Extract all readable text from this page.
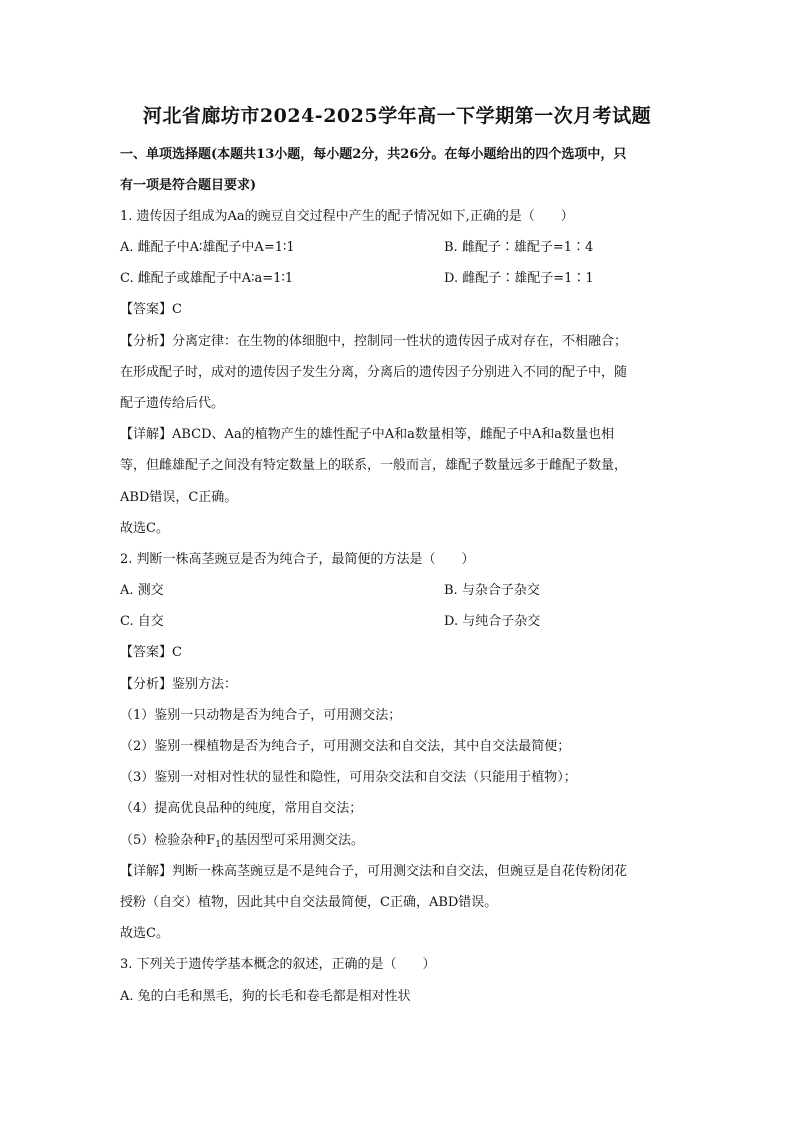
河北省廊坊市2024-2025学年高一下学期第一次月考试题
一、单项选择题(本题共13小题，每小题2分，共26分。在每小题给出的四个选项中，只
有一项是符合题目要求)
1. 遗传因子组成为Aa的豌豆自交过程中产生的配子情况如下,正确的是（　　）
A. 雌配子中A∶雄配子中A=1∶1	B. 雌配子∶雄配子=1∶4
C. 雌配子或雄配子中A∶a=1∶1	D. 雌配子∶雄配子=1∶1
【答案】C
【分析】分离定律：在生物的体细胞中，控制同一性状的遗传因子成对存在，不相融合；
在形成配子时，成对的遗传因子发生分离，分离后的遗传因子分别进入不同的配子中，随
配子遗传给后代。
【详解】ABCD、Aa的植物产生的雄性配子中A和a数量相等，雌配子中A和a数量也相
等，但雌雄配子之间没有特定数量上的联系，一般而言，雄配子数量远多于雌配子数量，
ABD错误，C正确。
故选C。
2. 判断一株高茎豌豆是否为纯合子，最简便的方法是（　　）
A. 测交	B. 与杂合子杂交
C. 自交	D. 与纯合子杂交
【答案】C
【分析】鉴别方法：
（1）鉴别一只动物是否为纯合子，可用测交法；
（2）鉴别一棵植物是否为纯合子，可用测交法和自交法，其中自交法最简便；
（3）鉴别一对相对性状的显性和隐性，可用杂交法和自交法（只能用于植物）；
（4）提高优良品种的纯度，常用自交法；
（5）检验杂种$F_1$的基因型可采用测交法。
【详解】判断一株高茎豌豆是不是纯合子，可用测交法和自交法，但豌豆是自花传粉闭花
授粉（自交）植物，因此其中自交法最简便，C正确，ABD错误。
故选C。
3. 下列关于遗传学基本概念的叙述，正确的是（　　）
A. 兔的白毛和黑毛，狗的长毛和卷毛都是相对性状
